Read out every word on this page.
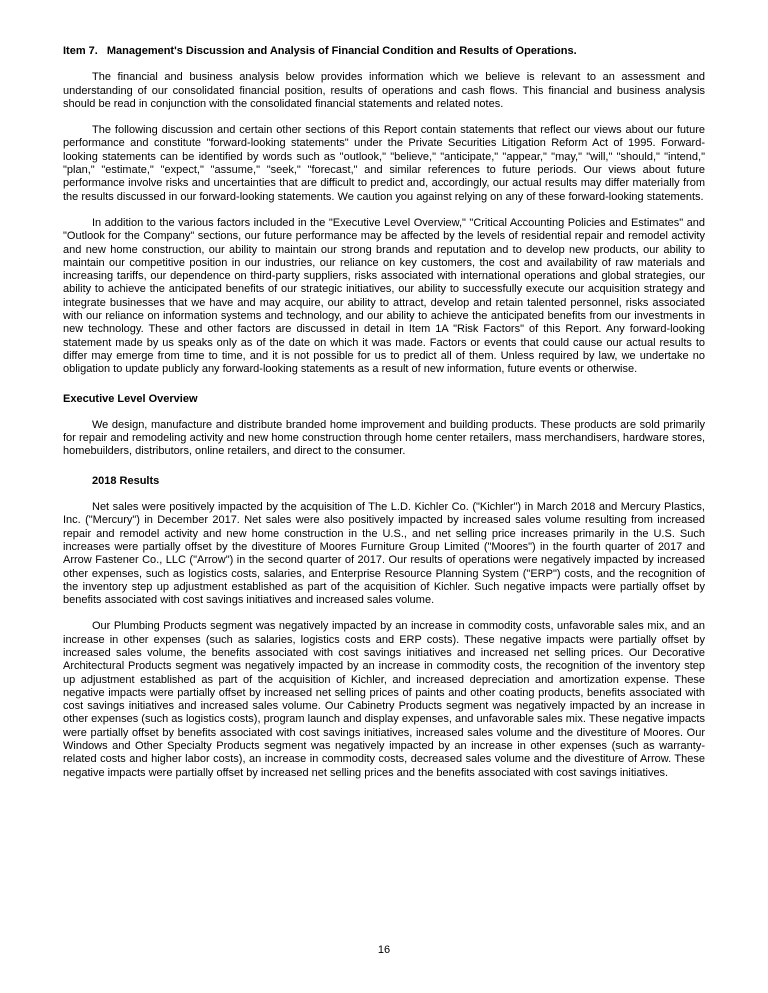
Item 7. Management's Discussion and Analysis of Financial Condition and Results of Operations.

The financial and business analysis below provides information which we believe is relevant to an assessment and understanding of our consolidated financial position, results of operations and cash flows. This financial and business analysis should be read in conjunction with the consolidated financial statements and related notes.

The following discussion and certain other sections of this Report contain statements that reflect our views about our future performance and constitute "forward-looking statements" under the Private Securities Litigation Reform Act of 1995. Forward-looking statements can be identified by words such as "outlook," "believe," "anticipate," "appear," "may," "will," "should," "intend," "plan," "estimate," "expect," "assume," "seek," "forecast," and similar references to future periods. Our views about future performance involve risks and uncertainties that are difficult to predict and, accordingly, our actual results may differ materially from the results discussed in our forward-looking statements. We caution you against relying on any of these forward-looking statements.

In addition to the various factors included in the "Executive Level Overview," "Critical Accounting Policies and Estimates" and "Outlook for the Company" sections, our future performance may be affected by the levels of residential repair and remodel activity and new home construction, our ability to maintain our strong brands and reputation and to develop new products, our ability to maintain our competitive position in our industries, our reliance on key customers, the cost and availability of raw materials and increasing tariffs, our dependence on third-party suppliers, risks associated with international operations and global strategies, our ability to achieve the anticipated benefits of our strategic initiatives, our ability to successfully execute our acquisition strategy and integrate businesses that we have and may acquire, our ability to attract, develop and retain talented personnel, risks associated with our reliance on information systems and technology, and our ability to achieve the anticipated benefits from our investments in new technology. These and other factors are discussed in detail in Item 1A "Risk Factors" of this Report. Any forward-looking statement made by us speaks only as of the date on which it was made. Factors or events that could cause our actual results to differ may emerge from time to time, and it is not possible for us to predict all of them. Unless required by law, we undertake no obligation to update publicly any forward-looking statements as a result of new information, future events or otherwise.

Executive Level Overview

We design, manufacture and distribute branded home improvement and building products. These products are sold primarily for repair and remodeling activity and new home construction through home center retailers, mass merchandisers, hardware stores, homebuilders, distributors, online retailers, and direct to the consumer.

2018 Results

Net sales were positively impacted by the acquisition of The L.D. Kichler Co. ("Kichler") in March 2018 and Mercury Plastics, Inc. ("Mercury") in December 2017. Net sales were also positively impacted by increased sales volume resulting from increased repair and remodel activity and new home construction in the U.S., and net selling price increases primarily in the U.S. Such increases were partially offset by the divestiture of Moores Furniture Group Limited ("Moores") in the fourth quarter of 2017 and Arrow Fastener Co., LLC ("Arrow") in the second quarter of 2017. Our results of operations were negatively impacted by increased other expenses, such as logistics costs, salaries, and Enterprise Resource Planning System ("ERP") costs, and the recognition of the inventory step up adjustment established as part of the acquisition of Kichler. Such negative impacts were partially offset by benefits associated with cost savings initiatives and increased sales volume.

Our Plumbing Products segment was negatively impacted by an increase in commodity costs, unfavorable sales mix, and an increase in other expenses (such as salaries, logistics costs and ERP costs). These negative impacts were partially offset by increased sales volume, the benefits associated with cost savings initiatives and increased net selling prices. Our Decorative Architectural Products segment was negatively impacted by an increase in commodity costs, the recognition of the inventory step up adjustment established as part of the acquisition of Kichler, and increased depreciation and amortization expense. These negative impacts were partially offset by increased net selling prices of paints and other coating products, benefits associated with cost savings initiatives and increased sales volume. Our Cabinetry Products segment was negatively impacted by an increase in other expenses (such as logistics costs), program launch and display expenses, and unfavorable sales mix. These negative impacts were partially offset by benefits associated with cost savings initiatives, increased sales volume and the divestiture of Moores. Our Windows and Other Specialty Products segment was negatively impacted by an increase in other expenses (such as warranty-related costs and higher labor costs), an increase in commodity costs, decreased sales volume and the divestiture of Arrow. These negative impacts were partially offset by increased net selling prices and the benefits associated with cost savings initiatives.

16
